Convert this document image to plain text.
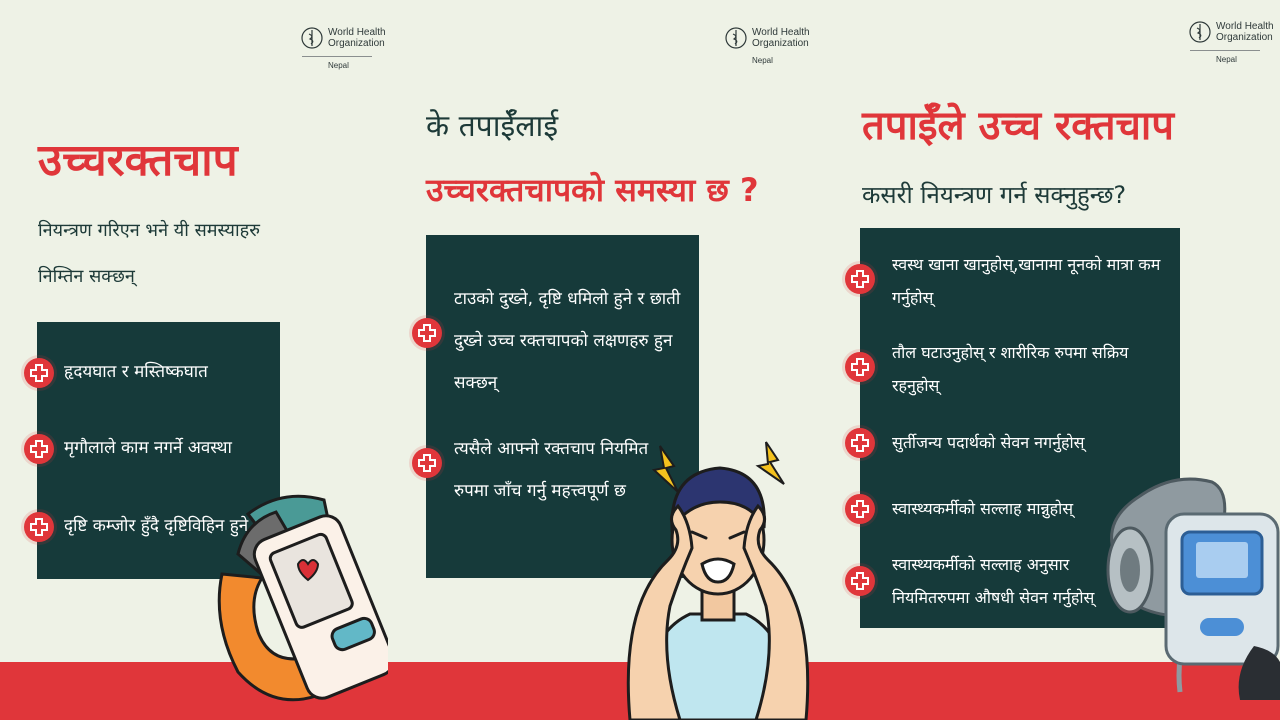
World Health
Organization
Nepal
World Health
Organization
Nepal
World Health
Organization
Nepal
उच्चरक्तचाप
नियन्त्रण गरिएन भने यी समस्याहरु
निम्तिन सक्छन्
हृदयघात र मस्तिष्कघात
मृगौलाले काम नगर्ने अवस्था
दृष्टि कम्जोर हुँदै दृष्टिविहिन हुने
के तपाईँलाई
उच्चरक्तचापको समस्या छ ?
टाउको दुख्ने, दृष्टि धमिलो हुने र छाती
दुख्ने उच्च रक्तचापको लक्षणहरु हुन
सक्छन्
त्यसैले आफ्नो रक्तचाप नियमित
रुपमा जाँच गर्नु महत्त्वपूर्ण छ
तपाईँले उच्च रक्तचाप
कसरी नियन्त्रण गर्न सक्नुहुन्छ?
स्वस्थ खाना खानुहोस्,खानामा नूनको मात्रा कम
गर्नुहोस्
तौल घटाउनुहोस् र शारीरिक रुपमा सक्रिय
रहनुहोस्
सुर्तीजन्य पदार्थको सेवन नगर्नुहोस्
स्वास्थ्यकर्मीको सल्लाह मान्नुहोस्
स्वास्थ्यकर्मीको सल्लाह अनुसार
नियमितरुपमा औषधी सेवन गर्नुहोस्
